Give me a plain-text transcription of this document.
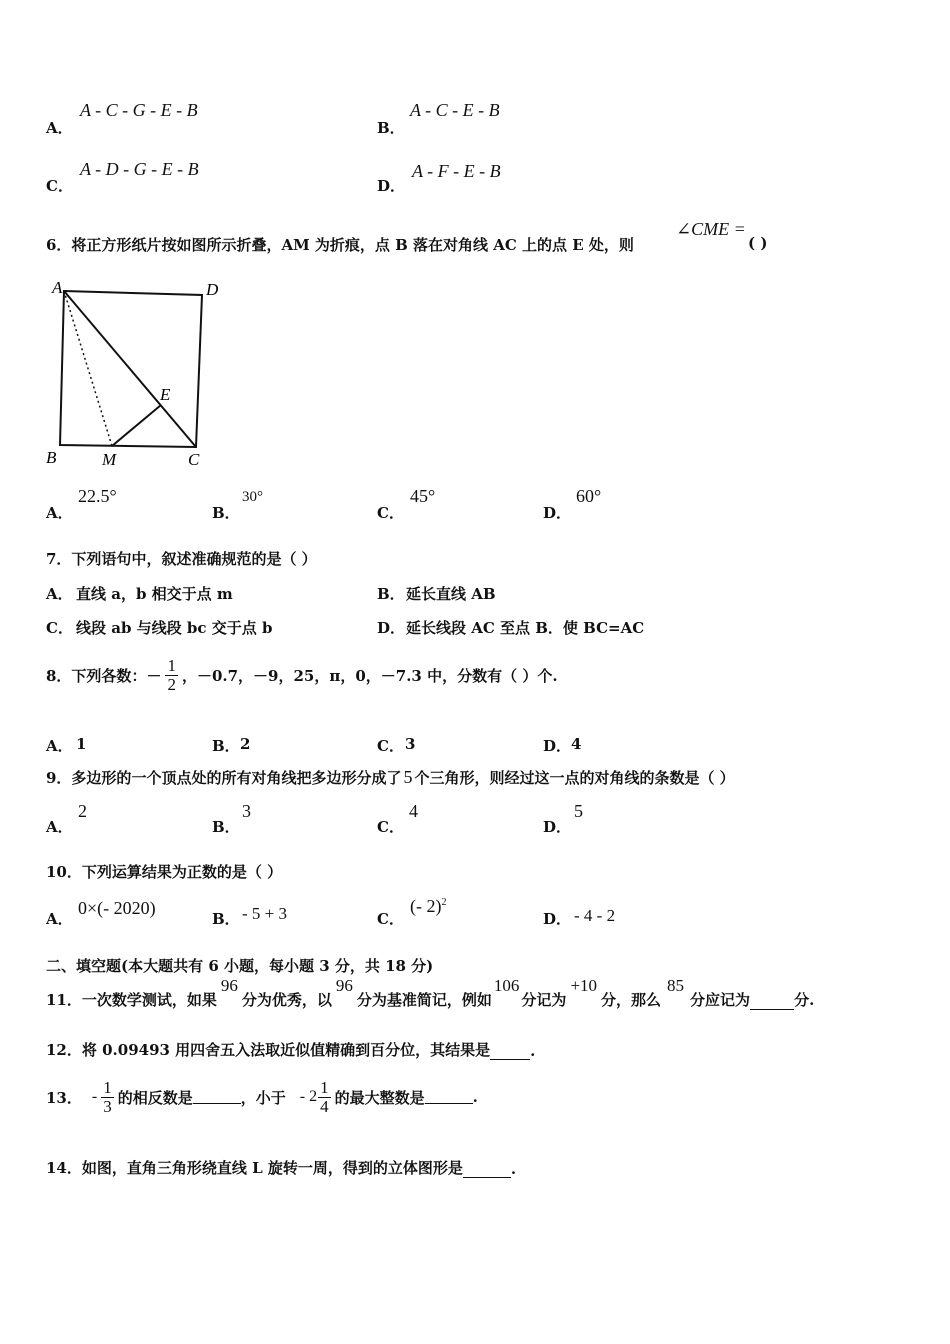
A．
A - C - G - E - B
B．
A - C - E - B
C．
A - D - G - E - B
D．
A - F - E - B
6．将正方形纸片按如图所示折叠，AM 为折痕，点 B 落在对角线 AC 上的点 E 处，则
∠CME =
( )
A	D
B	M	C
E
A．
22.5°
B．
30°
C．
45°
D．
60°
7．下列语句中，叙述准确规范的是（ ）
A． 直线 a，b 相交于点 m	B． 延长直线 AB
C． 线段 ab 与线段 bc 交于点 b	D． 延长线段 AC 至点 B．使 BC=AC
8．下列各数：－ $\frac{1}{2}$ ，－0.7，－9，25，π，0，－7.3 中，分数有（ ）个.
A． 1	B． 2	C． 3	D． 4
9．多边形的一个顶点处的所有对角线把多边形分成了 5 个三角形，则经过这一点的对角线的条数是（ ）
A．
2
B．
3
C．
4
D．
5
10．下列运算结果为正数的是（ ）
A．
0×(- 2020)
B． - 5 + 3	C．
(- 2)$^2$
D． - 4 - 2
二、填空题(本大题共有 6 小题，每小题 3 分，共 18 分)
11．一次数学测试，如果
96
分为优秀，以
96
分为基准简记，例如
106
分记为
+10
分，那么
85
分应记为	分.
12．将 0.09493 用四舍五入法取近似值精确到百分位，其结果是	.
13． - $\frac{1}{3}$ 的相反数是	，小于 - $2 \frac{1}{4}$ 的最大整数是	.
14．如图，直角三角形绕直线 L 旋转一周，得到的立体图形是	.
